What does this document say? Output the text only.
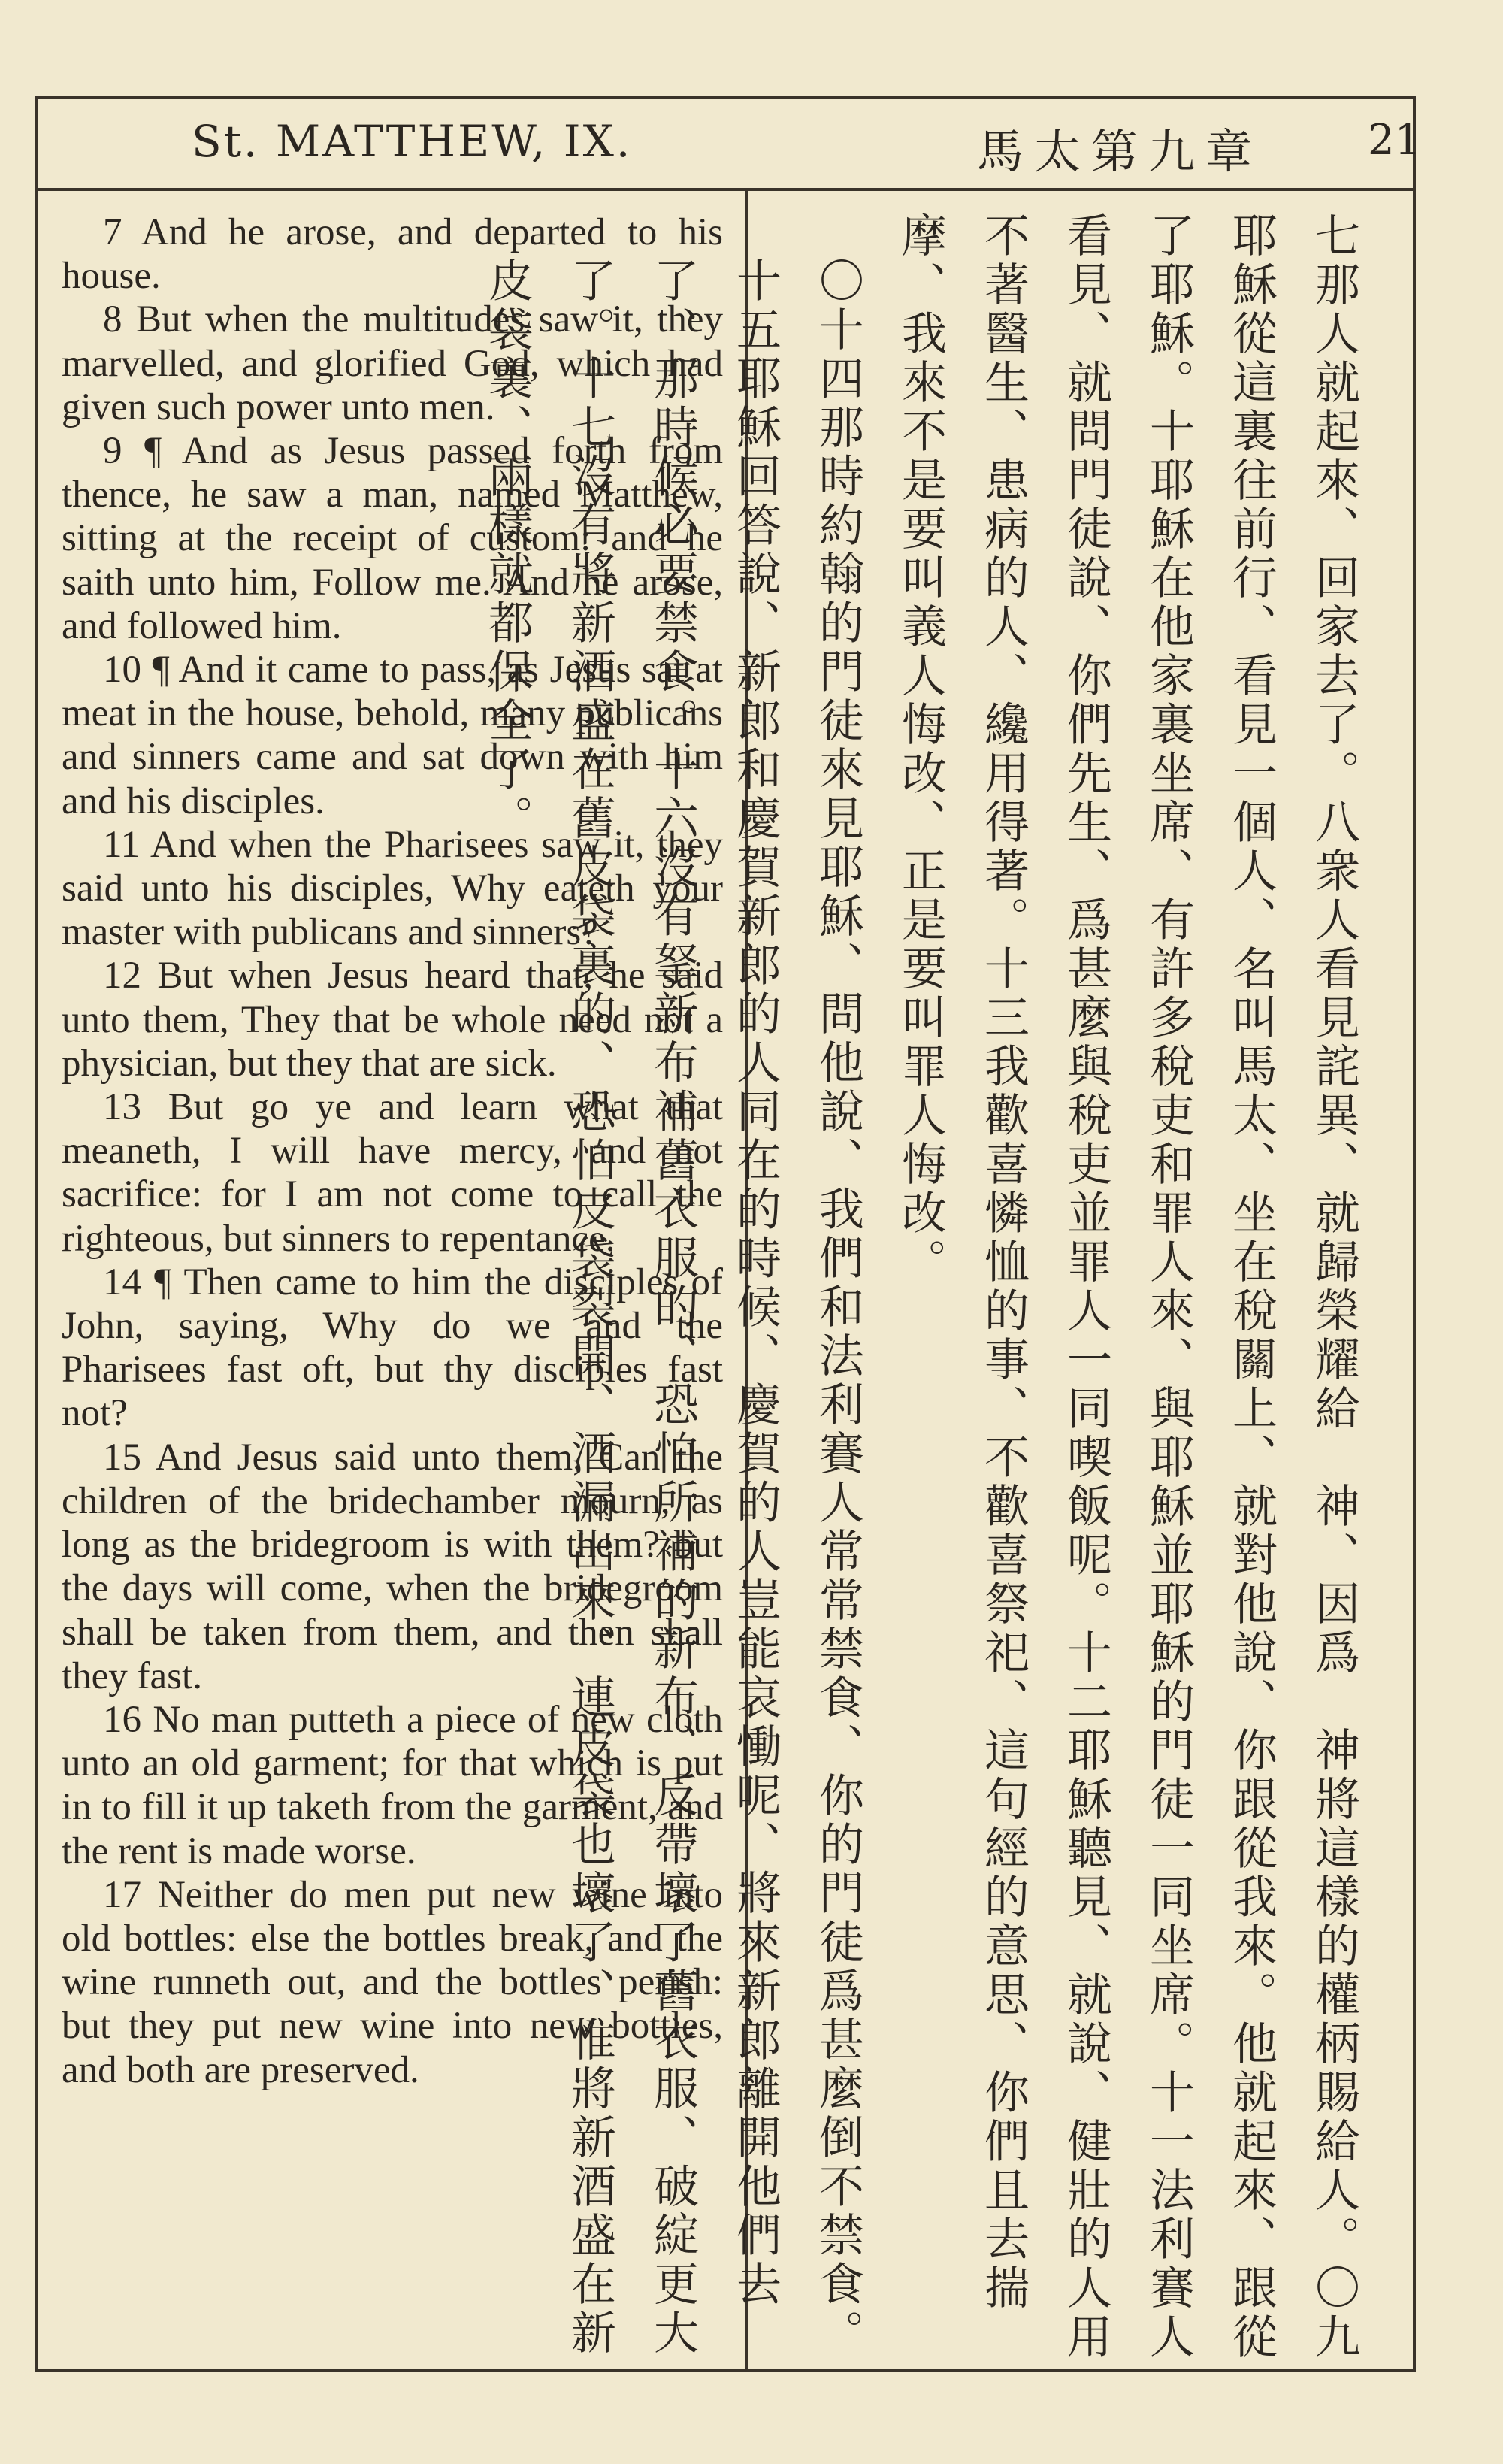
St. MATTHEW, IX.	馬太第九章 21

7 And he arose, and departed to his house.

8 But when the multitudes saw it, they marvelled, and glorified God, which had given such power unto men.

9 ¶ And as Jesus passed forth from thence, he saw a man, named Matthew, sitting at the receipt of custom: and he saith unto him, Follow me. And he arose, and followed him.

10 ¶ And it came to pass, as Jesus sat at meat in the house, behold, many publicans and sinners came and sat down with him and his disciples.

11 And when the Pharisees saw it, they said unto his disciples, Why eateth your master with publicans and sinners?

12 But when Jesus heard that, he said unto them, They that be whole need not a physician, but they that are sick.

13 But go ye and learn what that meaneth, I will have mercy, and not sacrifice: for I am not come to call the righteous, but sinners to repentance.

14 ¶ Then came to him the disciples of John, saying, Why do we and the Pharisees fast oft, but thy disciples fast not?

15 And Jesus said unto them, Can the children of the bridechamber mourn, as long as the bridegroom is with them? but the days will come, when the bridegroom shall be taken from them, and then shall they fast.

16 No man putteth a piece of new cloth unto an old garment; for that which is put in to fill it up taketh from the garment, and the rent is made worse.

17 Neither do men put new wine into old bottles: else the bottles break, and the wine runneth out, and the bottles perish: but they put new wine into new bottles, and both are preserved.	七那人就起來、回家去了。八衆人看見詫異、就歸榮耀給　神、因爲　神將這樣的權柄賜給人。〇九耶穌從這裏往前行、看見一個人、名叫馬太、坐在稅關上、就對他說、你跟從我來。他就起來、跟從了耶穌。十耶穌在他家裏坐席、有許多稅吏和罪人來、與耶穌並耶穌的門徒一同坐席。十一法利賽人看見、就問門徒說、你們先生、爲甚麼與稅吏並罪人一同喫飯呢。十二耶穌聽見、就說、健壯的人用不著醫生、患病的人、纔用得著。十三我歡喜憐恤的事、不歡喜祭祀、這句經的意思、你們且去揣摩、我來不是要叫義人悔改、正是要叫罪人悔改。

〇十四那時約翰的門徒來見耶穌、問他說、我們和法利賽人常常禁食、你的門徒爲甚麼倒不禁食。十五耶穌回答說、新郎和慶賀新郎的人同在的時候、慶賀的人豈能哀慟呢、將來新郎離開他們去了、那時候必要禁食。十六沒有拏新布補舊衣服的、恐怕所補的新布、反帶壞了舊衣服、破綻更大了。十七沒有將新酒盛在舊皮袋裏的、恐怕皮袋裂開、酒漏出來、連皮袋也壞了、惟將新酒盛在新皮袋裏、兩樣就都保全了。
